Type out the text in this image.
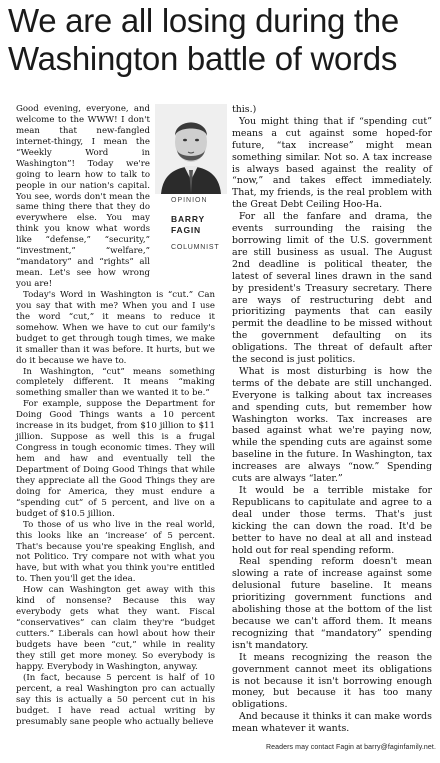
We are all losing during the Washington battle of words

Good evening, everyone, and welcome to the WWW! I don't mean that new-fangled internet-thingy, I mean the “Weekly Word in Washington”! Today we're going to learn how to talk to people in our nation's capital. You see, words don't mean the same thing there that they do everywhere else. You may think you know what words like “defense,” “security,” “investment,” “welfare,” “mandatory” and “rights” all mean. Let's see how wrong you are!

Today's Word in Washington is “cut.” Can you say that with me? When you and I use the word “cut,” it means to reduce it somehow. When we have to cut our family's budget to get through tough times, we make it smaller than it was before. It hurts, but we do it because we have to.

In Washington, “cut” means something completely different. It means “making something smaller than we wanted it to be.”

For example, suppose the Department for Doing Good Things wants a 10 percent increase in its budget, from $10 jillion to $11 jillion. Suppose as well this is a frugal Congress in tough economic times. They will hem and haw and eventually tell the Department of Doing Good Things that while they appreciate all the Good Things they are doing for America, they must endure a “spending cut” of 5 percent, and live on a budget of $10.5 jillion.

To those of us who live in the real world, this looks like an ‘increase’ of 5 percent. That's because you're speaking English, and not Politico. Try compare not with what you have, but with what you think you're entitled to. Then you'll get the idea.

How can Washington get away with this kind of nonsense? Because this way everybody gets what they want. Fiscal “conservatives” can claim they're “budget cutters.” Liberals can howl about how their budgets have been “cut,” while in reality they still get more money. So everybody is happy. Everybody in Washington, anyway.

(In fact, because 5 percent is half of 10 percent, a real Washington pro can actually say this is actually a 50 percent cut in his budget. I have read actual writing by presumably sane people who actually believe

OPINION
BARRY
FAGIN
COLUMNIST

this.)

You might thing that if “spending cut” means a cut against some hoped-for future, “tax increase” might mean something similar. Not so. A tax increase is always based against the reality of “now,” and takes effect immediately. That, my friends, is the real problem with the Great Debt Ceiling Hoo-Ha.

For all the fanfare and drama, the events surrounding the raising the borrowing limit of the U.S. government are still business as usual. The August 2nd deadline is political theater, the latest of several lines drawn in the sand by president's Treasury secretary. There are ways of restructuring debt and prioritizing payments that can easily permit the deadline to be missed without the government defaulting on its obligations. The threat of default after the second is just politics.

What is most disturbing is how the terms of the debate are still unchanged. Everyone is talking about tax increases and spending cuts, but remember how Washington works. Tax increases are based against what we're paying now, while the spending cuts are against some baseline in the future. In Washington, tax increases are always “now.” Spending cuts are always “later.”

It would be a terrible mistake for Republicans to capitulate and agree to a deal under those terms. That's just kicking the can down the road. It'd be better to have no deal at all and instead hold out for real spending reform.

Real spending reform doesn't mean slowing a rate of increase against some delusional future baseline. It means prioritizing government functions and abolishing those at the bottom of the list because we can't afford them. It means recognizing that “mandatory” spending isn't mandatory.

It means recognizing the reason the government cannot meet its obligations is not because it isn't borrowing enough money, but because it has too many obligations.

And because it thinks it can make words mean whatever it wants.

Readers may contact Fagin at barry@faginfamily.net.
